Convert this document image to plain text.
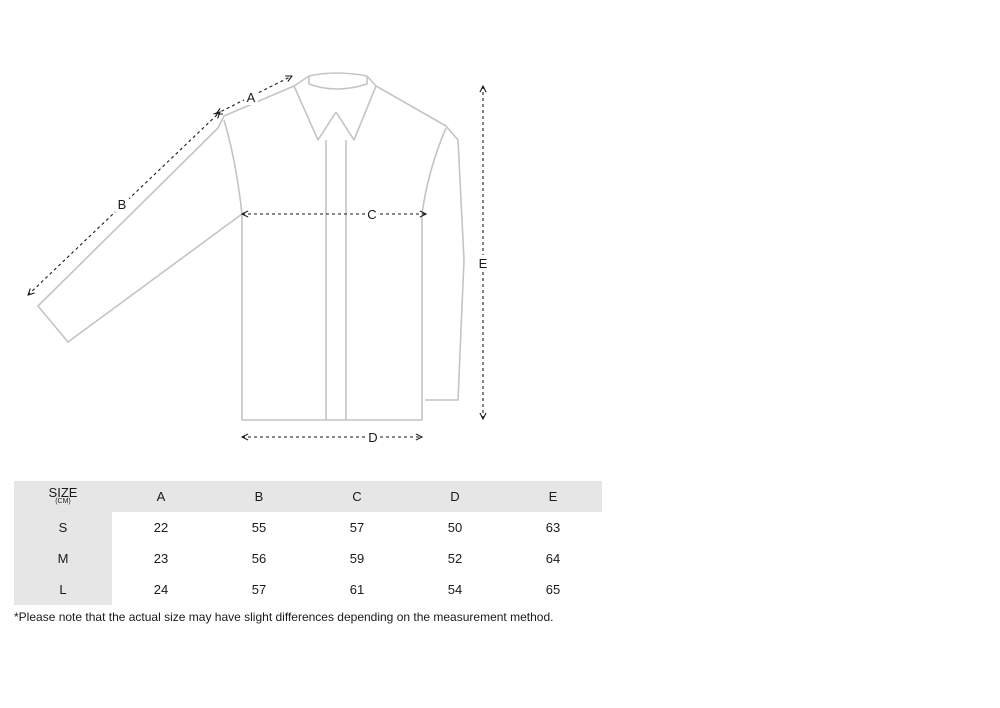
A
B
C
D
E
SIZE
(CM)	A	B	C	D	E
S	22	55	57	50	63
M	23	56	59	52	64
L	24	57	61	54	65
*Please note that the actual size may have slight differences depending on the measurement method.
